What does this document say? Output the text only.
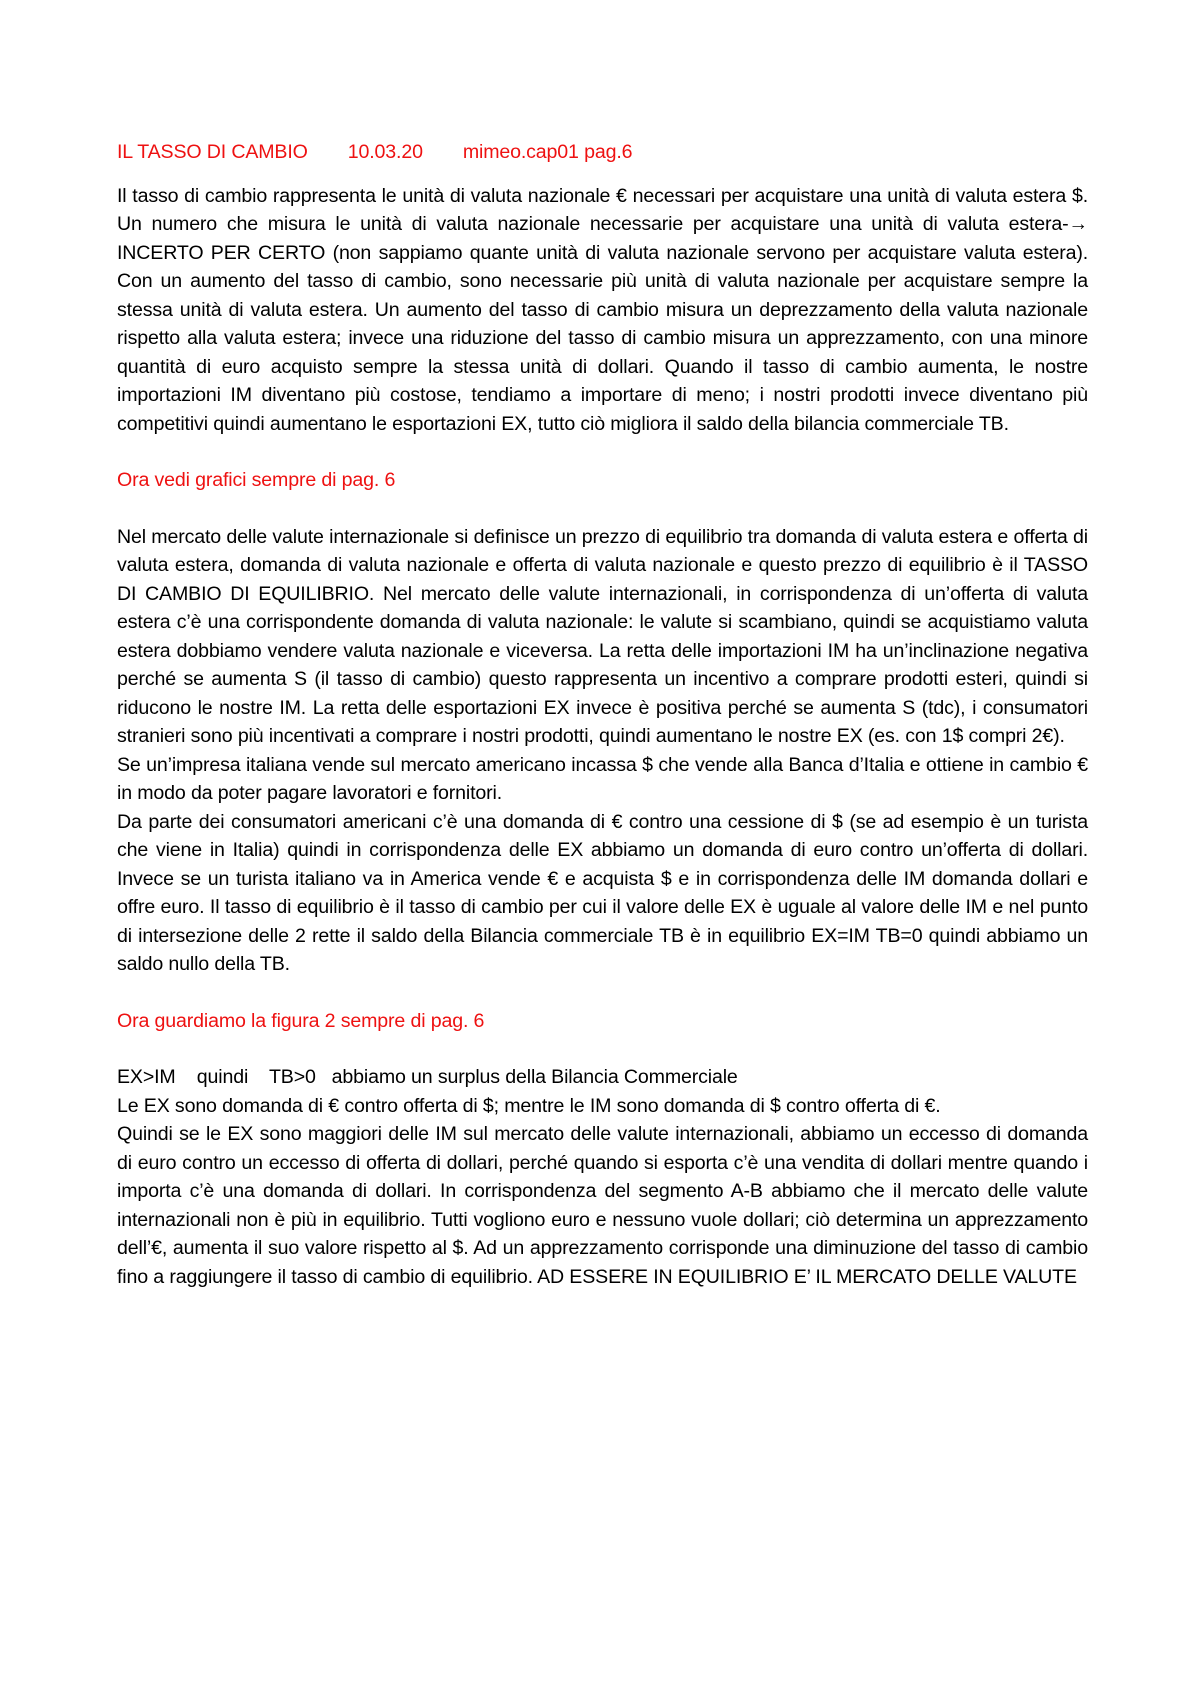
IL TASSO DI CAMBIO 10.03.20 mimeo.cap01 pag.6

Il tasso di cambio rappresenta le unità di valuta nazionale € necessari per acquistare una unità di valuta estera $. Un numero che misura le unità di valuta nazionale necessarie per acquistare una unità di valuta estera-→ INCERTO PER CERTO (non sappiamo quante unità di valuta nazionale servono per acquistare valuta estera). Con un aumento del tasso di cambio, sono necessarie più unità di valuta nazionale per acquistare sempre la stessa unità di valuta estera. Un aumento del tasso di cambio misura un deprezzamento della valuta nazionale rispetto alla valuta estera; invece una riduzione del tasso di cambio misura un apprezzamento, con una minore quantità di euro acquisto sempre la stessa unità di dollari. Quando il tasso di cambio aumenta, le nostre importazioni IM diventano più costose, tendiamo a importare di meno; i nostri prodotti invece diventano più competitivi quindi aumentano le esportazioni EX, tutto ciò migliora il saldo della bilancia commerciale TB.

Ora vedi grafici sempre di pag. 6

Nel mercato delle valute internazionale si definisce un prezzo di equilibrio tra domanda di valuta estera e offerta di valuta estera, domanda di valuta nazionale e offerta di valuta nazionale e questo prezzo di equilibrio è il TASSO DI CAMBIO DI EQUILIBRIO. Nel mercato delle valute internazionali, in corrispondenza di un’offerta di valuta estera c’è una corrispondente domanda di valuta nazionale: le valute si scambiano, quindi se acquistiamo valuta estera dobbiamo vendere valuta nazionale e viceversa. La retta delle importazioni IM ha un’inclinazione negativa perché se aumenta S (il tasso di cambio) questo rappresenta un incentivo a comprare prodotti esteri, quindi si riducono le nostre IM. La retta delle esportazioni EX invece è positiva perché se aumenta S (tdc), i consumatori stranieri sono più incentivati a comprare i nostri prodotti, quindi aumentano le nostre EX (es. con 1$ compri 2€).

Se un’impresa italiana vende sul mercato americano incassa $ che vende alla Banca d’Italia e ottiene in cambio € in modo da poter pagare lavoratori e fornitori.

Da parte dei consumatori americani c’è una domanda di € contro una cessione di $ (se ad esempio è un turista che viene in Italia) quindi in corrispondenza delle EX abbiamo un domanda di euro contro un’offerta di dollari. Invece se un turista italiano va in America vende € e acquista $ e in corrispondenza delle IM domanda dollari e offre euro. Il tasso di equilibrio è il tasso di cambio per cui il valore delle EX è uguale al valore delle IM e nel punto di intersezione delle 2 rette il saldo della Bilancia commerciale TB è in equilibrio EX=IM TB=0 quindi abbiamo un saldo nullo della TB.

Ora guardiamo la figura 2 sempre di pag. 6

EX>IM    quindi    TB>0   abbiamo un surplus della Bilancia Commerciale

Le EX sono domanda di € contro offerta di $; mentre le IM sono domanda di $ contro offerta di €.

Quindi se le EX sono maggiori delle IM sul mercato delle valute internazionali, abbiamo un eccesso di domanda di euro contro un eccesso di offerta di dollari, perché quando si esporta c’è una vendita di dollari mentre quando i importa c’è una domanda di dollari. In corrispondenza del segmento A-B abbiamo che il mercato delle valute internazionali non è più in equilibrio. Tutti vogliono euro e nessuno vuole dollari; ciò determina un apprezzamento dell’€, aumenta il suo valore rispetto al $. Ad un apprezzamento corrisponde una diminuzione del tasso di cambio fino a raggiungere il tasso di cambio di equilibrio. AD ESSERE IN EQUILIBRIO E’ IL MERCATO DELLE VALUTE
